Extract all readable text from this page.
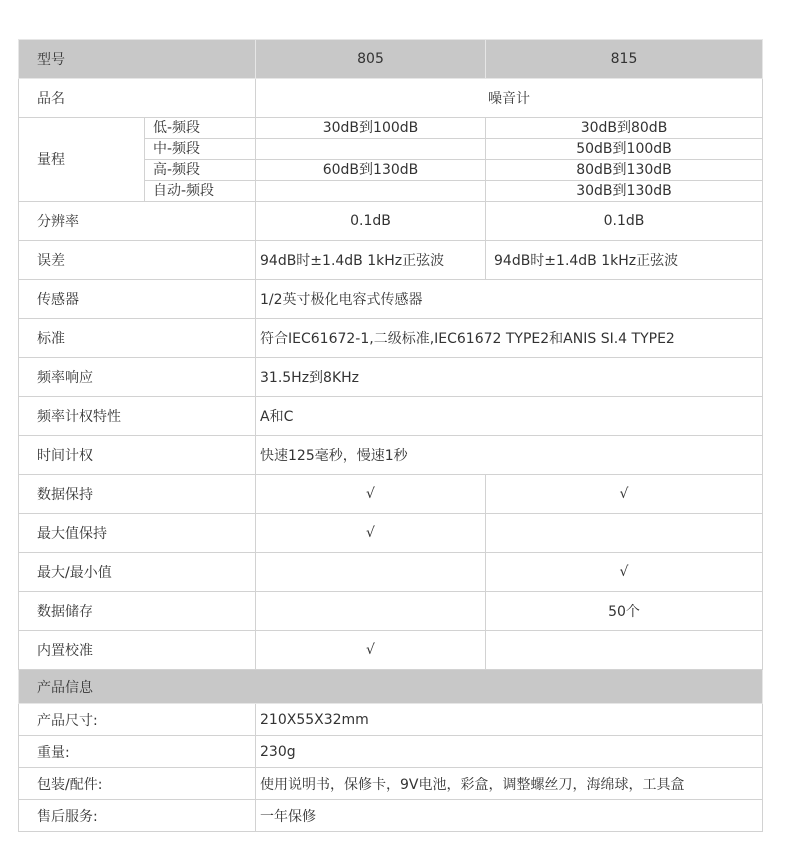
型号		805	815
品名		噪音计	
量程	低-频段	30dB到100dB	30dB到80dB
	中-频段		50dB到100dB
	高-频段	60dB到130dB	80dB到130dB
	自动-频段		30dB到130dB
分辨率		0.1dB	0.1dB
误差		94dB时±1.4dB 1kHz正弦波	94dB时±1.4dB 1kHz正弦波
传感器		1/2英寸极化电容式传感器	
标准		符合IEC61672-1,二级标准,IEC61672 TYPE2和ANIS SI.4 TYPE2	
频率响应		31.5Hz到8KHz	
频率计权特性		A和C	
时间计权		快速125毫秒，慢速1秒	
数据保持		√	√
最大值保持		√	
最大/最小值			√
数据储存			50个
内置校准		√	
产品信息			
产品尺寸:		210X55X32mm	
重量:		230g	
包装/配件:		使用说明书，保修卡，9V电池，彩盒，调整螺丝刀，海绵球，工具盒	
售后服务:		一年保修	
